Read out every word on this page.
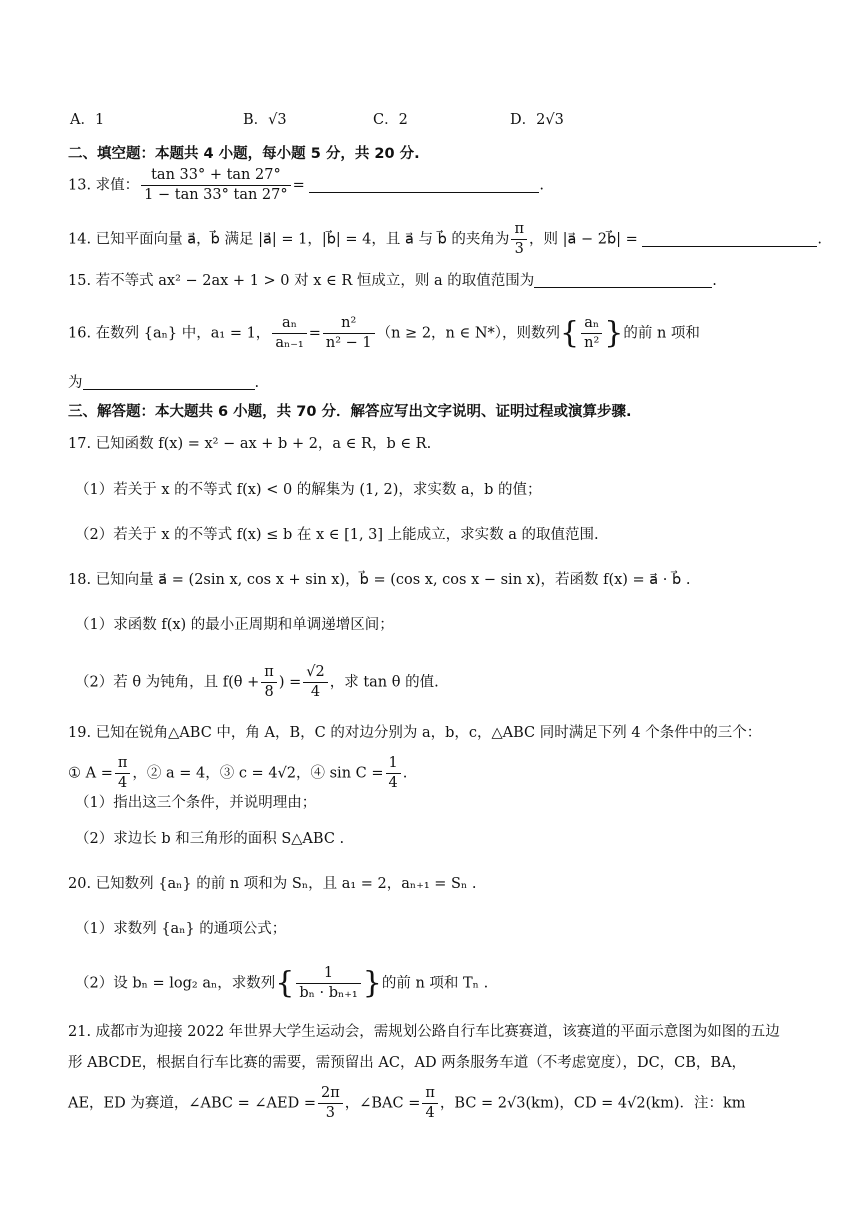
A．1	B．√3	C．2	D．2√3
二、填空题：本题共 4 小题，每小题 5 分，共 20 分.
13. 求值： $\frac{\tan 33^\circ + \tan 27^\circ}{1 - \tan 33^\circ \tan 27^\circ}$ =	.
14. 已知平面向量 a⃗，b⃗ 满足 |a⃗| = 1，|b⃗| = 4，且 a⃗ 与 b⃗ 的夹角为 $\frac{\pi}{3}$ ，则 |a⃗ − 2b⃗| =	.
15. 若不等式 ax² − 2ax + 1 > 0 对 x ∈ R 恒成立，则 a 的取值范围为	.
16. 在数列 {aₙ} 中，a₁ = 1， $\frac{\text{aₙ}}{\text{aₙ₋₁}} = \frac{\text{n²}}{\text{n² − 1}} (n \ge 2$，n ∈ N*），则数列{ $\frac{\text{aₙ}}{\text{n²}}$ }的前 n 项和
为	.
三、解答题：本大题共 6 小题，共 70 分．解答应写出文字说明、证明过程或演算步骤.
17. 已知函数 f(x) = x² − ax + b + 2，a ∈ R，b ∈ R.
（1）若关于 x 的不等式 f(x) < 0 的解集为 (1, 2)，求实数 a，b 的值；
（2）若关于 x 的不等式 f(x) ≤ b 在 x ∈ [1, 3] 上能成立，求实数 a 的取值范围.
18. 已知向量 a⃗ = (2sin x, cos x + sin x)，b⃗ = (cos x, cos x − sin x)，若函数 f(x) = a⃗ · b⃗ .
（1）求函数 f(x) 的最小正周期和单调递增区间；
（2）若 θ 为钝角，且 $f(\theta + \frac{\pi}{8}$ ) = $\frac{√2}{4}$ ，求 tan θ 的值.
19. 已知在锐角△ABC 中，角 A，B，C 的对边分别为 a，b，c，△ABC 同时满足下列 4 个条件中的三个：
① $A = \frac{\pi}{4}$ ，② a = 4，③ c = 4√2，④ $\sin C = \frac{1}{4}$ .
（1）指出这三个条件，并说明理由；
（2）求边长 b 和三角形的面积 S△ABC .
20. 已知数列 {aₙ} 的前 n 项和为 Sₙ，且 a₁ = 2，aₙ₊₁ = Sₙ .
（1）求数列 {aₙ} 的通项公式；
（2）设 bₙ = log₂ aₙ，求数列{ $\frac{1}{\text{bₙ · bₙ₊₁}}$ }的前 n 项和 Tₙ .
21. 成都市为迎接 2022 年世界大学生运动会，需规划公路自行车比赛赛道，该赛道的平面示意图为如图的五边
形 ABCDE，根据自行车比赛的需要，需预留出 AC，AD 两条服务车道（不考虑宽度），DC，CB，BA，
AE，ED 为赛道，∠ABC = ∠AED = $\frac{2\pi}{3}$ ，∠BAC = $\frac{\pi}{4}$ ，BC = 2√3(km)，CD = 4√2(km)．注：km
